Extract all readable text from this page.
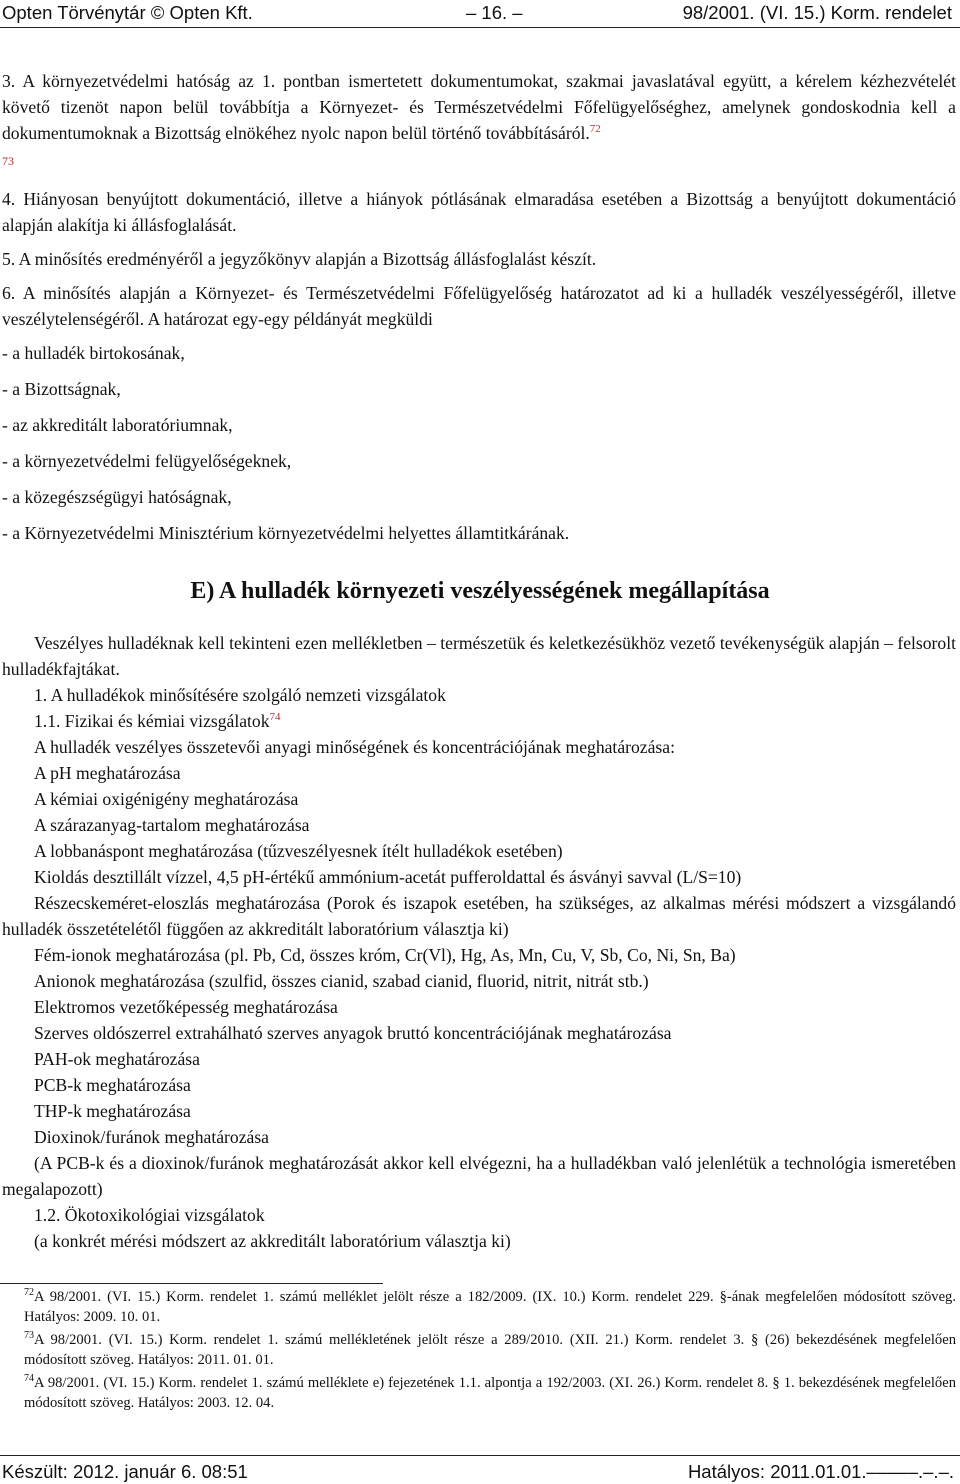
Opten Törvénytár © Opten Kft.	– 16. –	98/2001. (VI. 15.) Korm. rendelet

3. A környezetvédelmi hatóság az 1. pontban ismertetett dokumentumokat, szakmai javaslatával együtt, a kérelem kézhezvételét követő tizenöt napon belül továbbítja a Környezet- és Természetvédelmi Főfelügyelőséghez, amelynek gondoskodnia kell a dokumentumoknak a Bizottság elnökéhez nyolc napon belül történő továbbításáról.$^{72}$
73

4. Hiányosan benyújtott dokumentáció, illetve a hiányok pótlásának elmaradása esetében a Bizottság a benyújtott dokumentáció alapján alakítja ki állásfoglalását.

5. A minősítés eredményéről a jegyzőkönyv alapján a Bizottság állásfoglalást készít.

6. A minősítés alapján a Környezet- és Természetvédelmi Főfelügyelőség határozatot ad ki a hulladék veszélyességéről, illetve veszélytelenségéről. A határozat egy-egy példányát megküldi

- a hulladék birtokosának,

- a Bizottságnak,

- az akkreditált laboratóriumnak,

- a környezetvédelmi felügyelőségeknek,

- a közegészségügyi hatóságnak,

- a Környezetvédelmi Minisztérium környezetvédelmi helyettes államtitkárának.

E) A hulladék környezeti veszélyességének megállapítása

Veszélyes hulladéknak kell tekinteni ezen mellékletben – természetük és keletkezésükhöz vezető tevékenységük alapján – felsorolt hulladékfajtákat.

1. A hulladékok minősítésére szolgáló nemzeti vizsgálatok

1.1. Fizikai és kémiai vizsgálatok$^{74}$

A hulladék veszélyes összetevői anyagi minőségének és koncentrációjának meghatározása:

A pH meghatározása

A kémiai oxigénigény meghatározása

A szárazanyag-tartalom meghatározása

A lobbanáspont meghatározása (tűzveszélyesnek ítélt hulladékok esetében)

Kioldás desztillált vízzel, 4,5 pH-értékű ammónium-acetát pufferoldattal és ásványi savval (L/S=10)

Részecskeméret-eloszlás meghatározása (Porok és iszapok esetében, ha szükséges, az alkalmas mérési módszert a vizsgálandó hulladék összetételétől függően az akkreditált laboratórium választja ki)

Fém-ionok meghatározása (pl. Pb, Cd, összes króm, Cr(Vl), Hg, As, Mn, Cu, V, Sb, Co, Ni, Sn, Ba)

Anionok meghatározása (szulfid, összes cianid, szabad cianid, fluorid, nitrit, nitrát stb.)

Elektromos vezetőképesség meghatározása

Szerves oldószerrel extrahálható szerves anyagok bruttó koncentrációjának meghatározása

PAH-ok meghatározása

PCB-k meghatározása

THP-k meghatározása

Dioxinok/furánok meghatározása

(A PCB-k és a dioxinok/furánok meghatározását akkor kell elvégezni, ha a hulladékban való jelenlétük a technológia ismeretében megalapozott)

1.2. Ökotoxikológiai vizsgálatok

(a konkrét mérési módszert az akkreditált laboratórium választja ki)

$^{72}$A 98/2001. (VI. 15.) Korm. rendelet 1. számú melléklet jelölt része a 182/2009. (IX. 10.) Korm. rendelet 229. §-ának megfelelően módosított szöveg. Hatályos: 2009. 10. 01.

$^{73}$A 98/2001. (VI. 15.) Korm. rendelet 1. számú mellékletének jelölt része a 289/2010. (XII. 21.) Korm. rendelet 3. § (26) bekezdésének megfelelően módosított szöveg. Hatályos: 2011. 01. 01.

$^{74}$A 98/2001. (VI. 15.) Korm. rendelet 1. számú melléklete e) fejezetének 1.1. alpontja a 192/2003. (XI. 26.) Korm. rendelet 8. § 1. bekezdésének megfelelően módosított szöveg. Hatályos: 2003. 12. 04.

Készült: 2012. január 6. 08:51	Hatályos: 2011.01.01.–––––.–.–.
